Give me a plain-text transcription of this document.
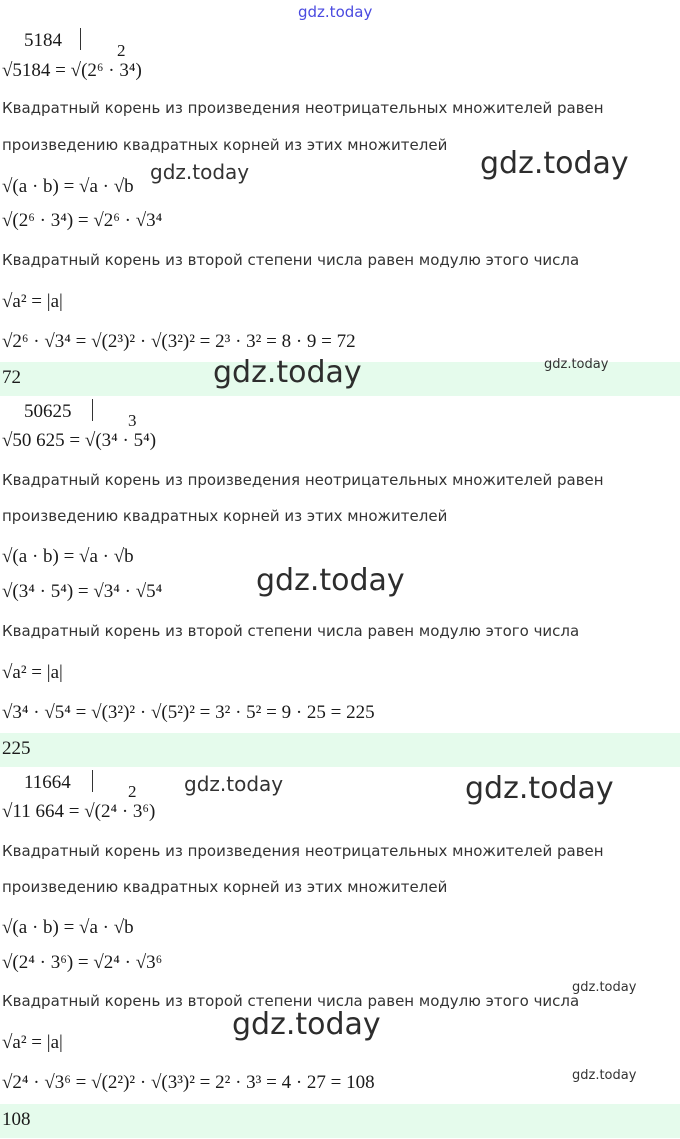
gdz.today
5184	2
√5184 = √(2⁶ · 3⁴)
Квадратный корень из произведения неотрицательных множителей равен
произведению квадратных корней из этих множителей
√(a · b) = √a · √b
√(2⁶ · 3⁴) = √2⁶ · √3⁴
Квадратный корень из второй степени числа равен модулю этого числа
√a² = |a|
√2⁶ · √3⁴ = √(2³)² · √(3²)² = 2³ · 3² = 8 · 9 = 72
72
50625	3
√50 625 = √(3⁴ · 5⁴)
Квадратный корень из произведения неотрицательных множителей равен
произведению квадратных корней из этих множителей
√(a · b) = √a · √b
√(3⁴ · 5⁴) = √3⁴ · √5⁴
Квадратный корень из второй степени числа равен модулю этого числа
√a² = |a|
√3⁴ · √5⁴ = √(3²)² · √(5²)² = 3² · 5² = 9 · 25 = 225
225
11664	2
√11 664 = √(2⁴ · 3⁶)
Квадратный корень из произведения неотрицательных множителей равен
произведению квадратных корней из этих множителей
√(a · b) = √a · √b
√(2⁴ · 3⁶) = √2⁴ · √3⁶
Квадратный корень из второй степени числа равен модулю этого числа
√a² = |a|
√2⁴ · √3⁶ = √(2²)² · √(3³)² = 2² · 3³ = 4 · 27 = 108
108
gdz.today	gdz.today
gdz.today	gdz.today
gdz.today
gdz.today	gdz.today
gdz.today
gdz.today
gdz.today
